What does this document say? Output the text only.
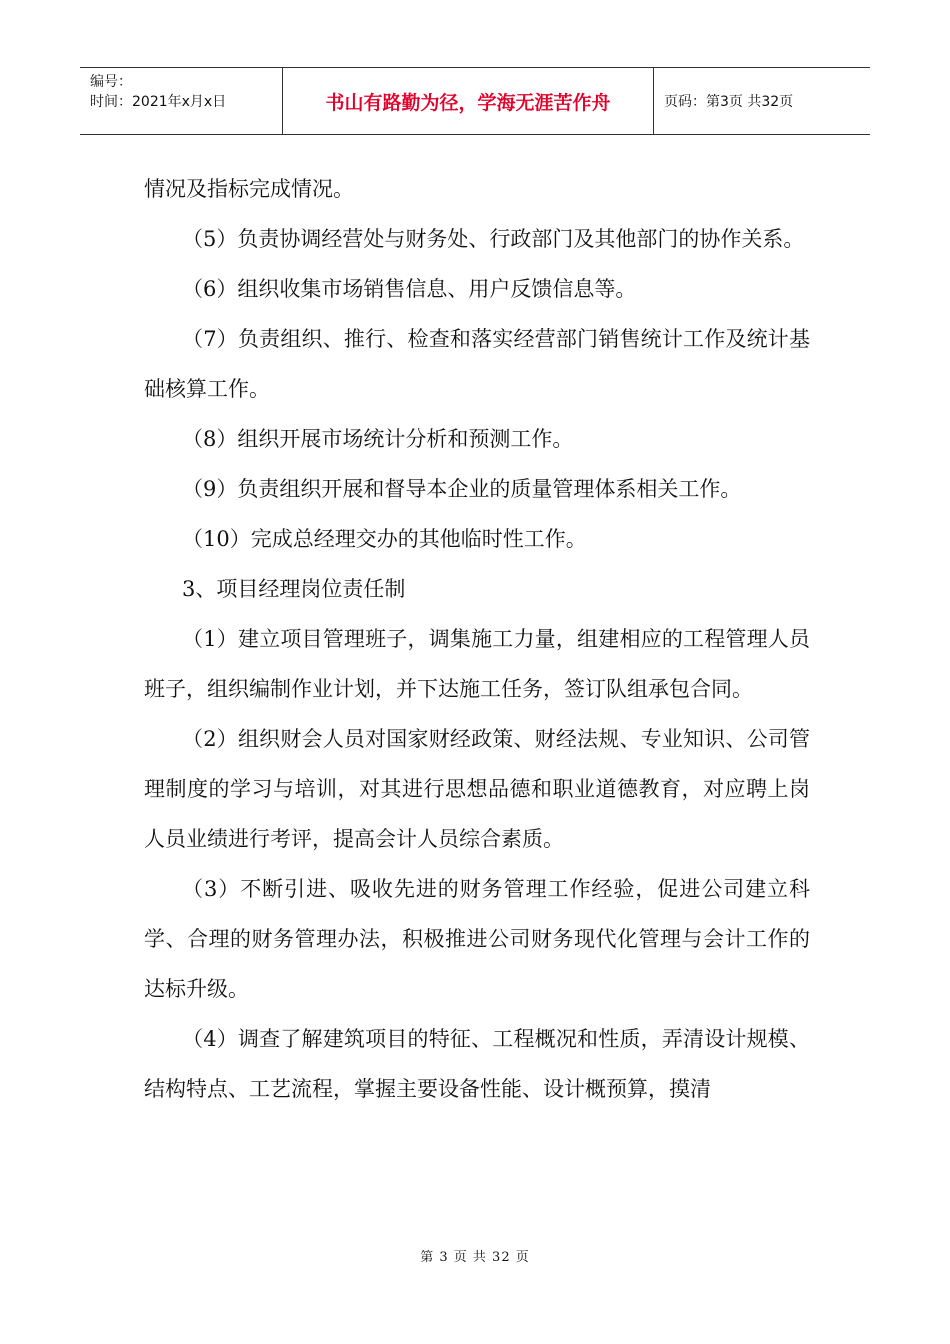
编号：
时间：2021年x月x日	书山有路勤为径，学海无涯苦作舟	页码：第3页 共32页

情况及指标完成情况。

（5）负责协调经营处与财务处、行政部门及其他部门的协作关系。

（6）组织收集市场销售信息、用户反馈信息等。

（7）负责组织、推行、检查和落实经营部门销售统计工作及统计基础核算工作。

（8）组织开展市场统计分析和预测工作。

（9）负责组织开展和督导本企业的质量管理体系相关工作。

（10）完成总经理交办的其他临时性工作。

3、项目经理岗位责任制

（1）建立项目管理班子，调集施工力量，组建相应的工程管理人员班子，组织编制作业计划，并下达施工任务，签订队组承包合同。

（2）组织财会人员对国家财经政策、财经法规、专业知识、公司管理制度的学习与培训，对其进行思想品德和职业道德教育，对应聘上岗人员业绩进行考评，提高会计人员综合素质。

（3）不断引进、吸收先进的财务管理工作经验，促进公司建立科学、合理的财务管理办法，积极推进公司财务现代化管理与会计工作的达标升级。

（4）调查了解建筑项目的特征、工程概况和性质，弄清设计规模、结构特点、工艺流程，掌握主要设备性能、设计概预算，摸清

第 3 页 共 32 页
